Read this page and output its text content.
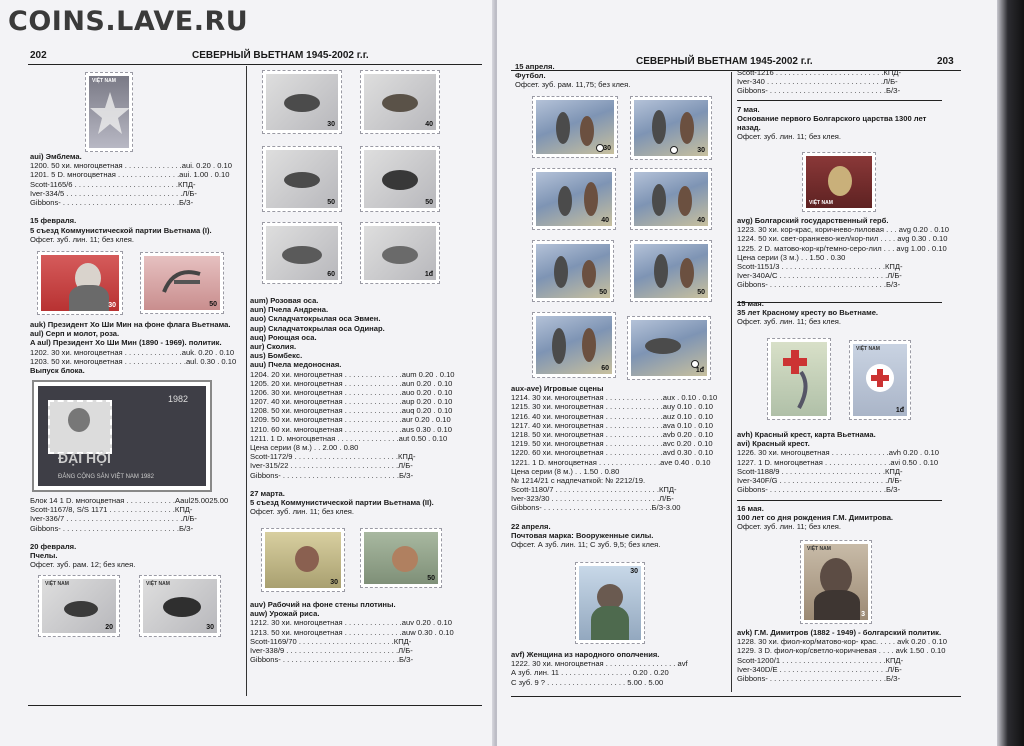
COINS.LAVE.RU
202	СЕВЕРНЫЙ ВЬЕТНАМ 1945-2002 г.г.
VIỆT NAM
aui) Эмблема.
1200. 50 хи. многоцветная . . . . . . . . . . . . . .aui. 0.20 . 0.10
1201. 5 D. многоцветная . . . . . . . . . . . . . . .aui. 1.00 . 0.10
Scott-1165/6 . . . . . . . . . . . . . . . . . . . . . . . . .КПД-
Iver-334/5 . . . . . . . . . . . . . . . . . . . . . . . . . . . .Л/Б-
Gibbons- . . . . . . . . . . . . . . . . . . . . . . . . . . . .Б/З-
15 февраля.
5 съезд Коммунистической партии Вьетнама (I).
Офсет. зуб. лин. 11; без клея.
30	50
auk) Президент Хо Ши Мин на фоне флага Вьетнама.
aul) Серп и молот, роза.
A aul) Президент Хо Ши Мин (1890 - 1969). политик.
1202. 30 хи. многоцветная . . . . . . . . . . . . . .auk. 0.20 . 0.10
1203. 50 хи. многоцветная . . . . . . . . . . . . . . .aul. 0.30 . 0.10
Выпуск блока.
1982
ĐẠI HỘI
ĐẢNG CỘNG SẢN VIỆT NAM 1982
Блок 14 1 D. многоцветная . . . . . . . . . . . .Aaul25.0025.00
Scott-1167/8, S/S 1171 . . . . . . . . . . . . . . . .КПД-
Iver-336/7 . . . . . . . . . . . . . . . . . . . . . . . . . . . .Л/Б-
Gibbons- . . . . . . . . . . . . . . . . . . . . . . . . . . . .Б/З-
20 февраля.
Пчелы.
Офсет. зуб. рам. 12; без клея.
VIỆT NAM
20
VIỆT NAM
30
30	40
50	50
60	1đ
aum) Розовая оса.
aun) Пчела Андрена.
auo) Складчатокрылая оса Эвмен.
aup) Складчатокрылая оса Одинар.
auq) Роющая оса.
aur) Сколия.
aus) Бомбекс.
auu) Пчела медоносная.
1204. 20 хи. многоцветная . . . . . . . . . . . . . .aum 0.20 . 0.10
1205. 20 хи. многоцветная . . . . . . . . . . . . . .aun 0.20 . 0.10
1206. 30 хи. многоцветная . . . . . . . . . . . . . .auo 0.20 . 0.10
1207. 40 хи. многоцветная . . . . . . . . . . . . . .aup 0.20 . 0.10
1208. 50 хи. многоцветная . . . . . . . . . . . . . .auq 0.20 . 0.10
1209. 50 хи. многоцветная . . . . . . . . . . . . . .aur 0.20 . 0.10
1210. 60 хи. многоцветная . . . . . . . . . . . . . .aus 0.30 . 0.10
1211. 1 D. многоцветная . . . . . . . . . . . . . . .aut 0.50 . 0.10
Цена серии (8 м.) . . 2.00 . 0.80
Scott-1172/9 . . . . . . . . . . . . . . . . . . . . . . . . .КПД-
Iver-315/22 . . . . . . . . . . . . . . . . . . . . . . . . . .Л/Б-
Gibbons- . . . . . . . . . . . . . . . . . . . . . . . . . . . .Б/З-
27 марта.
5 съезд Коммунистической партии Вьетнама (II).
Офсет. зуб. лин. 11; без клея.
30
50
auv) Рабочий на фоне стены плотины.
auw) Урожай риса.
1212. 30 хи. многоцветная . . . . . . . . . . . . . .auv 0.20 . 0.10
1213. 50 хи. многоцветная . . . . . . . . . . . . . .auw 0.30 . 0.10
Scott-1169/70 . . . . . . . . . . . . . . . . . . . . . . .КПД-
Iver-338/9 . . . . . . . . . . . . . . . . . . . . . . . . . . .Л/Б-
Gibbons- . . . . . . . . . . . . . . . . . . . . . . . . . . . .Б/З-
СЕВЕРНЫЙ ВЬЕТНАМ 1945-2002 г.г.	203
15 апреля.
Футбол.
Офсет. зуб. рам. 11,75; без клея.
30	30
40	40
50	50
60	1đ
aux-ave) Игровые сцены
1214. 30 хи. многоцветная . . . . . . . . . . . . . .aux . 0.10 . 0.10
1215. 30 хи. многоцветная . . . . . . . . . . . . . .auy 0.10 . 0.10
1216. 40 хи. многоцветная . . . . . . . . . . . . . .auz 0.10 . 0.10
1217. 40 хи. многоцветная . . . . . . . . . . . . . .ava 0.10 . 0.10
1218. 50 хи. многоцветная . . . . . . . . . . . . . .avb 0.20 . 0.10
1219. 50 хи. многоцветная . . . . . . . . . . . . . .avc 0.20 . 0.10
1220. 60 хи. многоцветная . . . . . . . . . . . . . .avd 0.30 . 0.10
1221. 1 D. многоцветная . . . . . . . . . . . . . . .ave 0.40 . 0.10
Цена серии (8 м.) . . 1.50 . 0.80
№ 1214/21 с надпечаткой: № 2212/19.
Scott-1180/7 . . . . . . . . . . . . . . . . . . . . . . . . .КПД-
Iver-323/30 . . . . . . . . . . . . . . . . . . . . . . . . . .Л/Б-
Gibbons- . . . . . . . . . . . . . . . . . . . . . . . . . .Б/З-3.00
22 апреля.
Почтовая марка: Вооруженные силы.
Офсет. А зуб. лин. 11; С зуб. 9,5; без клея.
30
avf) Женщина из народного ополчения.
1222. 30 хи. многоцветная . . . . . . . . . . . . . . . . . avf
А зуб. лин. 11 . . . . . . . . . . . . . . . . . 0.20 . 0.20
С зуб. 9 ? . . . . . . . . . . . . . . . . . . . 5.00 . 5.00
Scott-1216 . . . . . . . . . . . . . . . . . . . . . . . . . .КПД-
Iver-340 . . . . . . . . . . . . . . . . . . . . . . . . . . . .Л/Б-
Gibbons- . . . . . . . . . . . . . . . . . . . . . . . . . . . .Б/З-
7 мая.
Основание первого Болгарского царства 1300 лет
назад.
Офсет. зуб. лин. 11; без клея.
VIỆT NAM
avg) Болгарский государственный герб.
1223. 30 хи. кор-крас, коричнево-лиловая . . . avg 0.20 . 0.10
1224. 50 хи. свет-оранжево-жел/кор-пил . . . . avg 0.30 . 0.10
1225. 2 D. матово-кор-кр/темно-серо-лил . . . avg 1.00 . 0.10
Цена серии (3 м.) . . 1.50 . 0.30
Scott-1151/3 . . . . . . . . . . . . . . . . . . . . . . . . .КПД-
Iver-340A/C . . . . . . . . . . . . . . . . . . . . . . . . . .Л/Б-
Gibbons- . . . . . . . . . . . . . . . . . . . . . . . . . . . .Б/З-
15 мая.
35 лет Красному кресту во Вьетнаме.
Офсет. зуб. лин. 11; без клея.
VIỆT NAM
1đ
avh) Красный крест, карта Вьетнама.
avi) Красный крест.
1226. 30 хи. многоцветная . . . . . . . . . . . . . .avh 0.20 . 0.10
1227. 1 D. многоцветная . . . . . . . . . . . . . . . .avi 0.50 . 0.10
Scott-1188/9 . . . . . . . . . . . . . . . . . . . . . . . . .КПД-
Iver-340F/G . . . . . . . . . . . . . . . . . . . . . . . . . .Л/Б-
Gibbons- . . . . . . . . . . . . . . . . . . . . . . . . . . . .Б/З-
16 мая.
100 лет со дня рождения Г.М. Димитрова.
Офсет. зуб. лин. 11; без клея.
VIỆT NAM
3
avk) Г.М. Димитров (1882 - 1949) - болгарский политик.
1228. 30 хи. фиол-кор/матово-кор- крас. . . . . avk 0.20 . 0.10
1229. 3 D. фиол-кор/светло-коричневая . . . . avk 1.50 . 0.10
Scott-1200/1 . . . . . . . . . . . . . . . . . . . . . . . . .КПД-
Iver-340D/E . . . . . . . . . . . . . . . . . . . . . . . . . .Л/Б-
Gibbons- . . . . . . . . . . . . . . . . . . . . . . . . . . . .Б/З-
